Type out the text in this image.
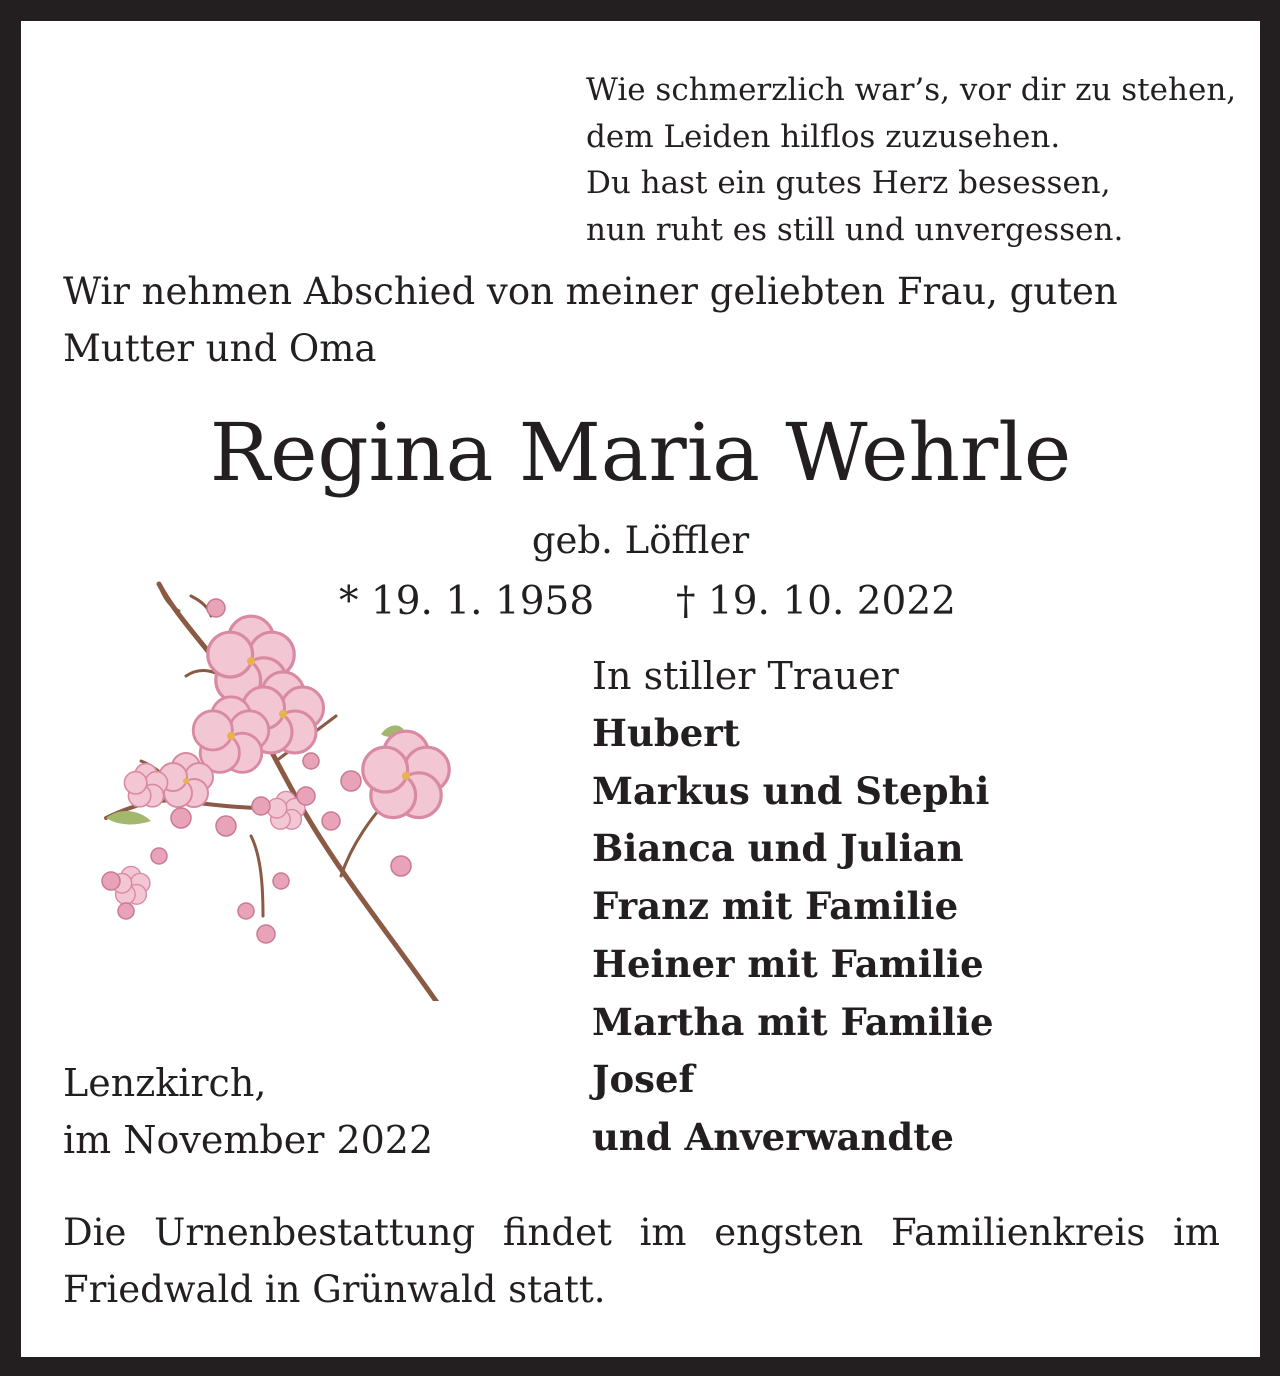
Wie schmerzlich war’s, vor dir zu stehen,
dem Leiden hilflos zuzusehen.
Du hast ein gutes Herz besessen,
nun ruht es still und unvergessen.

Wir nehmen Abschied von meiner geliebten Frau, guten Mutter und Oma

Regina Maria Wehrle
geb. Löffler
* 19. 1. 1958 † 19. 10. 2022
In stiller Trauer
Hubert
Markus und Stephi
Bianca und Julian
Franz mit Familie
Heiner mit Familie
Martha mit Familie
Josef
und Anverwandte
Lenzkirch,
im November 2022

Die Urnenbestattung findet im engsten Familienkreis im Friedwald in Grünwald statt.
